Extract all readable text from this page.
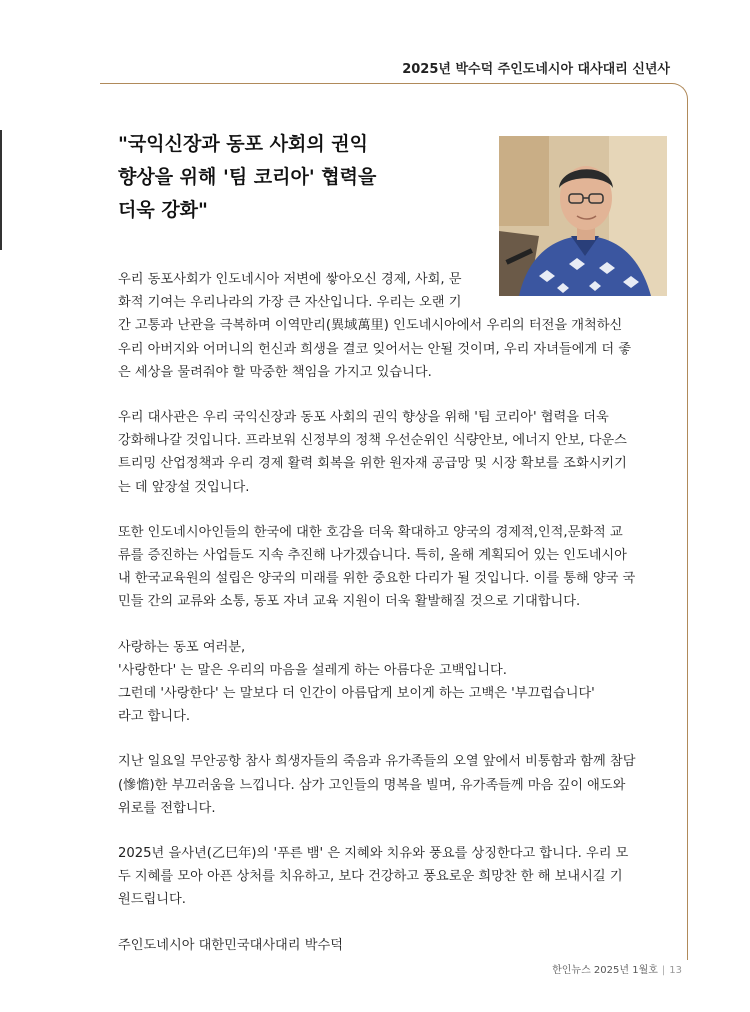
2025년 박수덕 주인도네시아 대사대리 신년사
"국익신장과 동포 사회의 권익
향상을 위해 '팀 코리아' 협력을
더욱 강화"
우리 동포사회가 인도네시아 저변에 쌓아오신 경제, 사회, 문
화적 기여는 우리나라의 가장 큰 자산입니다. 우리는 오랜 기
간 고통과 난관을 극복하며 이역만리(異域萬里) 인도네시아에서 우리의 터전을 개척하신
우리 아버지와 어머니의 헌신과 희생을 결코 잊어서는 안될 것이며, 우리 자녀들에게 더 좋
은 세상을 물려줘야 할 막중한 책임을 가지고 있습니다.
우리 대사관은 우리 국익신장과 동포 사회의 권익 향상을 위해 '팀 코리아' 협력을 더욱
강화해나갈 것입니다. 프라보워 신정부의 정책 우선순위인 식량안보, 에너지 안보, 다운스
트리밍 산업정책과 우리 경제 활력 회복을 위한 원자재 공급망 및 시장 확보를 조화시키기
는 데 앞장설 것입니다.
또한 인도네시아인들의 한국에 대한 호감을 더욱 확대하고 양국의 경제적,인적,문화적 교
류를 증진하는 사업들도 지속 추진해 나가겠습니다. 특히, 올해 계획되어 있는 인도네시아
내 한국교육원의 설립은 양국의 미래를 위한 중요한 다리가 될 것입니다. 이를 통해 양국 국
민들 간의 교류와 소통, 동포 자녀 교육 지원이 더욱 활발해질 것으로 기대합니다.
사랑하는 동포 여러분,
'사랑한다' 는 말은 우리의 마음을 설레게 하는 아름다운 고백입니다.
그런데 '사랑한다' 는 말보다 더 인간이 아름답게 보이게 하는 고백은 '부끄럽습니다'
라고 합니다.
지난 일요일 무안공항 참사 희생자들의 죽음과 유가족들의 오열 앞에서 비통함과 함께 참담
(慘憺)한 부끄러움을 느낍니다. 삼가 고인들의 명복을 빌며, 유가족들께 마음 깊이 애도와
위로를 전합니다.
2025년 을사년(乙巳年)의 '푸른 뱀' 은 지혜와 치유와 풍요를 상징한다고 합니다. 우리 모
두 지혜를 모아 아픈 상처를 치유하고, 보다 건강하고 풍요로운 희망찬 한 해 보내시길 기
원드립니다.
주인도네시아 대한민국대사대리 박수덕
한인뉴스 2025년 1월호 | 13
